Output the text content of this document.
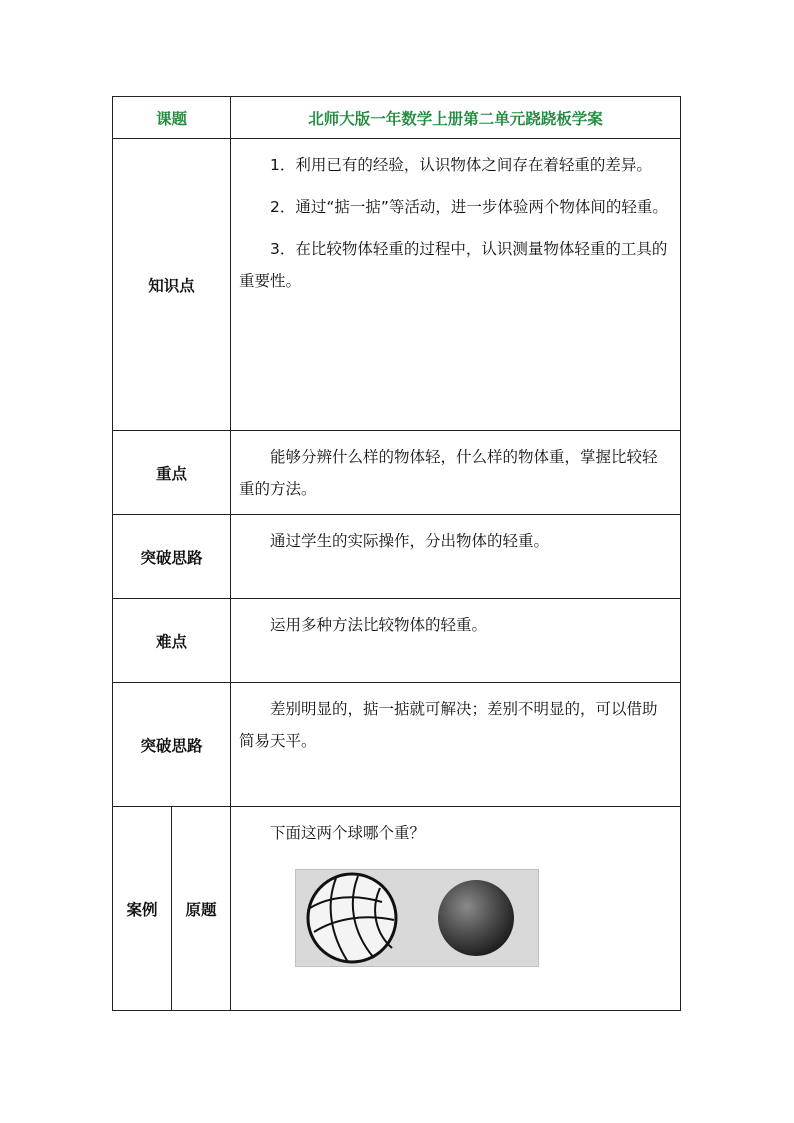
课题		北师大版一年数学上册第二单元跷跷板学案
知识点		1．利用已有的经验，认识物体之间存在着轻重的差异。

2．通过“掂一掂”等活动，进一步体验两个物体间的轻重。

3．在比较物体轻重的过程中，认识测量物体轻重的工具的重要性。

重点		能够分辨什么样的物体轻，什么样的物体重，掌握比较轻重的方法。

突破思路		通过学生的实际操作，分出物体的轻重。

难点		运用多种方法比较物体的轻重。

突破思路		差别明显的，掂一掂就可解决；差别不明显的，可以借助简易天平。

案例	原题	下面这两个球哪个重？
